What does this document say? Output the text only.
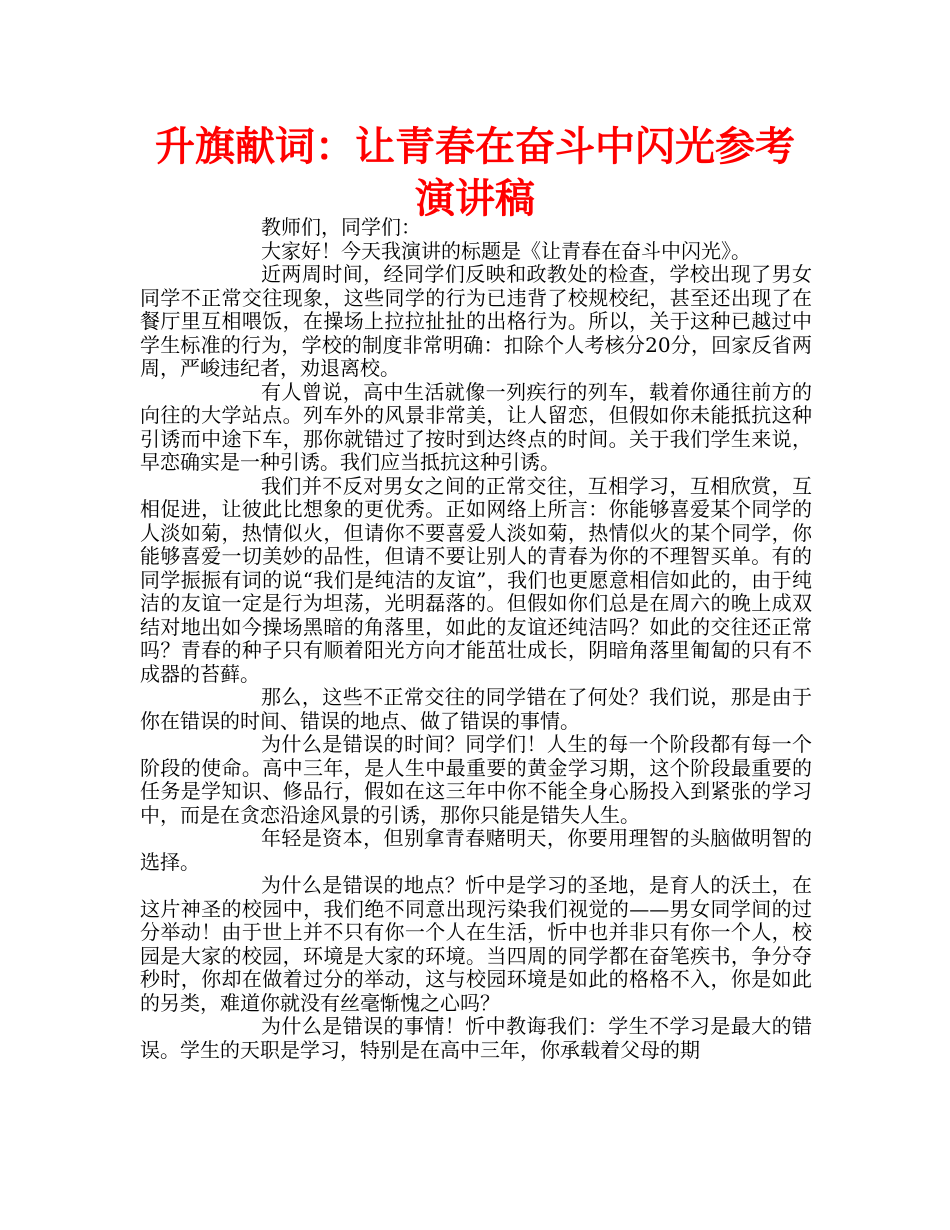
升旗献词：让青春在奋斗中闪光参考演讲稿

教师们，同学们：

大家好！今天我演讲的标题是《让青春在奋斗中闪光》。

近两周时间，经同学们反映和政教处的检查，学校出现了男女同学不正常交往现象，这些同学的行为已违背了校规校纪，甚至还出现了在餐厅里互相喂饭，在操场上拉拉扯扯的出格行为。所以，关于这种已越过中学生标准的行为，学校的制度非常明确：扣除个人考核分20分，回家反省两周，严峻违纪者，劝退离校。

有人曾说，高中生活就像一列疾行的列车，载着你通往前方的向往的大学站点。列车外的风景非常美，让人留恋，但假如你未能抵抗这种引诱而中途下车，那你就错过了按时到达终点的时间。关于我们学生来说，早恋确实是一种引诱。我们应当抵抗这种引诱。

我们并不反对男女之间的正常交往，互相学习，互相欣赏，互相促进，让彼此比想象的更优秀。正如网络上所言：你能够喜爱某个同学的人淡如菊，热情似火，但请你不要喜爱人淡如菊，热情似火的某个同学，你能够喜爱一切美妙的品性，但请不要让别人的青春为你的不理智买单。有的同学振振有词的说“我们是纯洁的友谊”，我们也更愿意相信如此的，由于纯洁的友谊一定是行为坦荡，光明磊落的。但假如你们总是在周六的晚上成双结对地出如今操场黑暗的角落里，如此的友谊还纯洁吗？如此的交往还正常吗？青春的种子只有顺着阳光方向才能茁壮成长，阴暗角落里匍匐的只有不成器的苔藓。

那么，这些不正常交往的同学错在了何处？我们说，那是由于你在错误的时间、错误的地点、做了错误的事情。

为什么是错误的时间？同学们！人生的每一个阶段都有每一个阶段的使命。高中三年，是人生中最重要的黄金学习期，这个阶段最重要的任务是学知识、修品行，假如在这三年中你不能全身心肠投入到紧张的学习中，而是在贪恋沿途风景的引诱，那你只能是错失人生。

年轻是资本，但别拿青春赌明天，你要用理智的头脑做明智的选择。

为什么是错误的地点？忻中是学习的圣地，是育人的沃土，在这片神圣的校园中，我们绝不同意出现污染我们视觉的——男女同学间的过分举动！由于世上并不只有你一个人在生活，忻中也并非只有你一个人，校园是大家的校园，环境是大家的环境。当四周的同学都在奋笔疾书，争分夺秒时，你却在做着过分的举动，这与校园环境是如此的格格不入，你是如此的另类，难道你就没有丝毫惭愧之心吗？

为什么是错误的事情！忻中教诲我们：学生不学习是最大的错误。学生的天职是学习，特别是在高中三年，你承载着父母的期
